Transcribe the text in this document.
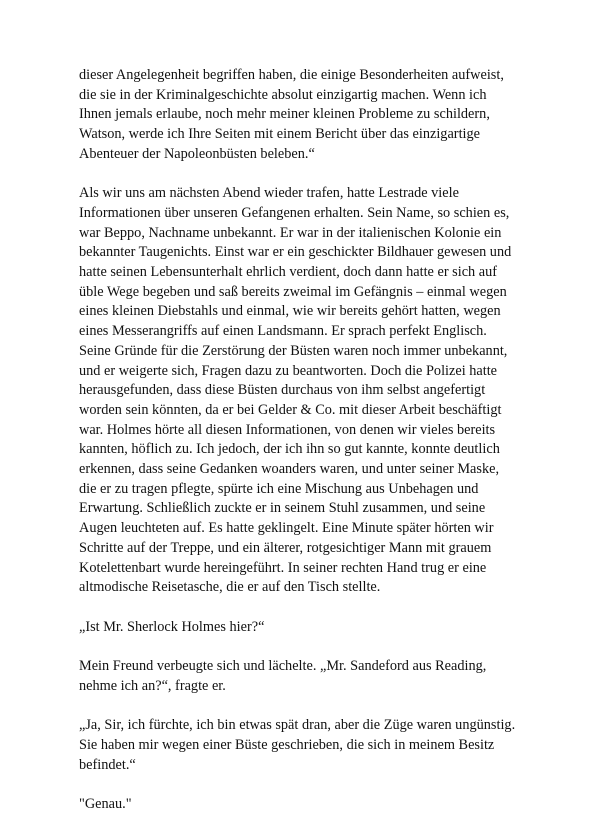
dieser Angelegenheit begriffen haben, die einige Besonderheiten aufweist,
die sie in der Kriminalgeschichte absolut einzigartig machen. Wenn ich
Ihnen jemals erlaube, noch mehr meiner kleinen Probleme zu schildern,
Watson, werde ich Ihre Seiten mit einem Bericht über das einzigartige
Abenteuer der Napoleonbüsten beleben.“

Als wir uns am nächsten Abend wieder trafen, hatte Lestrade viele
Informationen über unseren Gefangenen erhalten. Sein Name, so schien es,
war Beppo, Nachname unbekannt. Er war in der italienischen Kolonie ein
bekannter Taugenichts. Einst war er ein geschickter Bildhauer gewesen und
hatte seinen Lebensunterhalt ehrlich verdient, doch dann hatte er sich auf
üble Wege begeben und saß bereits zweimal im Gefängnis – einmal wegen
eines kleinen Diebstahls und einmal, wie wir bereits gehört hatten, wegen
eines Messerangriffs auf einen Landsmann. Er sprach perfekt Englisch.
Seine Gründe für die Zerstörung der Büsten waren noch immer unbekannt,
und er weigerte sich, Fragen dazu zu beantworten. Doch die Polizei hatte
herausgefunden, dass diese Büsten durchaus von ihm selbst angefertigt
worden sein könnten, da er bei Gelder & Co. mit dieser Arbeit beschäftigt
war. Holmes hörte all diesen Informationen, von denen wir vieles bereits
kannten, höflich zu. Ich jedoch, der ich ihn so gut kannte, konnte deutlich
erkennen, dass seine Gedanken woanders waren, und unter seiner Maske,
die er zu tragen pflegte, spürte ich eine Mischung aus Unbehagen und
Erwartung. Schließlich zuckte er in seinem Stuhl zusammen, und seine
Augen leuchteten auf. Es hatte geklingelt. Eine Minute später hörten wir
Schritte auf der Treppe, und ein älterer, rotgesichtiger Mann mit grauem
Kotelettenbart wurde hereingeführt. In seiner rechten Hand trug er eine
altmodische Reisetasche, die er auf den Tisch stellte.

„Ist Mr. Sherlock Holmes hier?“

Mein Freund verbeugte sich und lächelte. „Mr. Sandeford aus Reading,
nehme ich an?“, fragte er.

„Ja, Sir, ich fürchte, ich bin etwas spät dran, aber die Züge waren ungünstig.
Sie haben mir wegen einer Büste geschrieben, die sich in meinem Besitz
befindet.“

"Genau."
